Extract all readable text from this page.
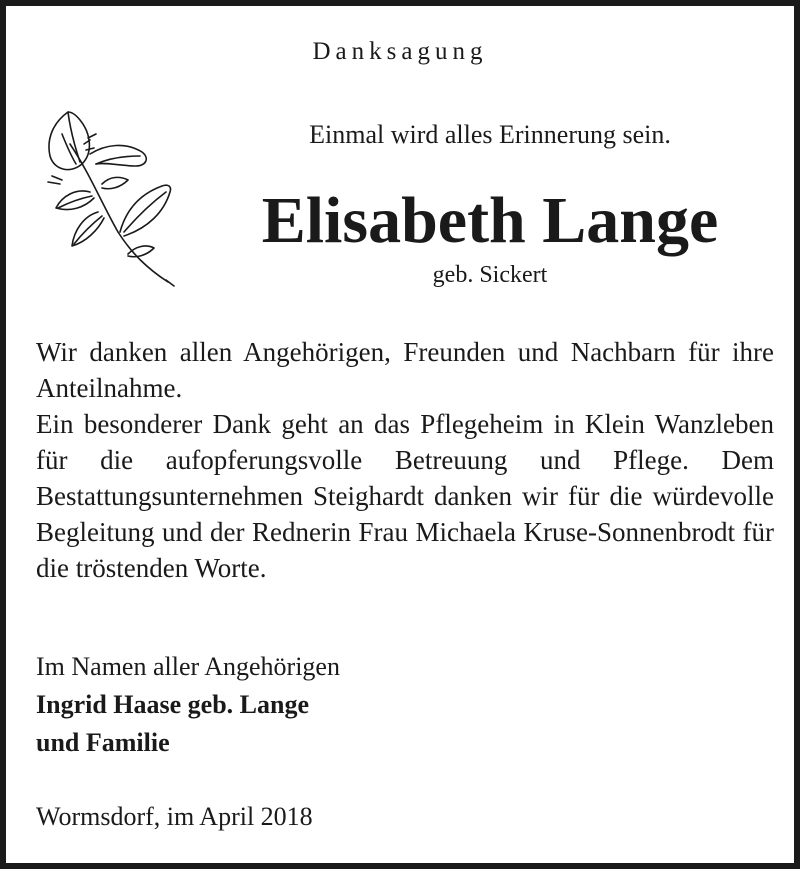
Danksagung
Einmal wird alles Erinnerung sein.
Elisabeth Lange
geb. Sickert

Wir danken allen Angehörigen, Freunden und Nachbarn für ihre Anteilnahme.

Ein besonderer Dank geht an das Pflegeheim in Klein Wanzleben für die aufopferungsvolle Betreuung und Pflege. Dem Bestattungsunternehmen Steighardt danken wir für die würdevolle Begleitung und der Rednerin Frau Michaela Kruse-Sonnenbrodt für die tröstenden Worte.

Im Namen aller Angehörigen
Ingrid Haase geb. Lange
und Familie
Wormsdorf, im April 2018
